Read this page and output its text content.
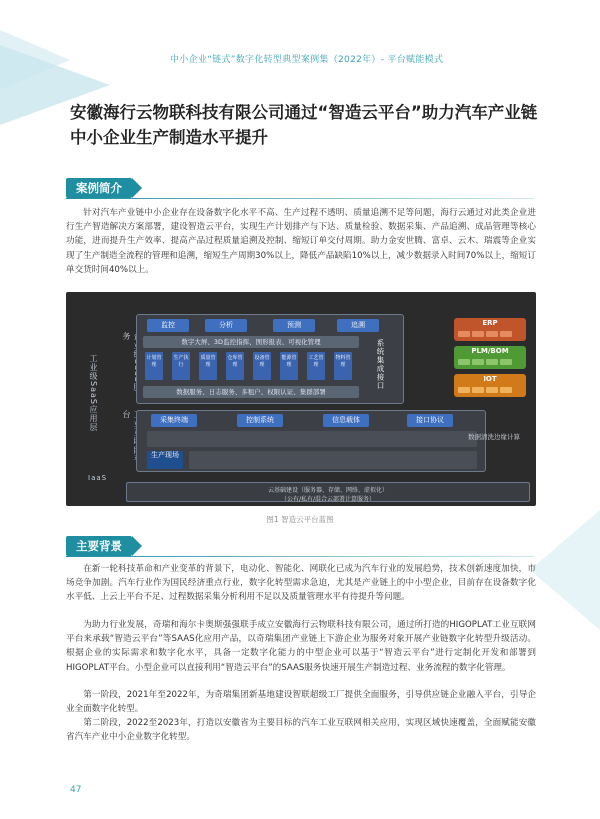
中小企业“链式”数字化转型典型案例集（2022年）- 平台赋能模式
安徽海行云物联科技有限公司通过“智造云平台”助力汽车产业链
中小企业生产制造水平提升
案例简介
针对汽车产业链中小企业存在设备数字化水平不高、生产过程不透明、质量追溯不足等问题，海行云通过对此类企业进行生产智造解决方案部署，建设智造云平台，实现生产计划排产与下达、质量检验、数据采集、产品追溯、成品管理等核心功能，进而提升生产效率、提高产品过程质量追溯及控制、缩短订单交付周期。助力金安世腾、富卓、云木、瑞震等企业实现了生产制造全流程的管理和追溯，缩短生产周期30%以上，降低产品缺陷10%以上，减少数据录入时间70%以上，缩短订单交货时间40%以上。
工业级SaaS应用层
务
台
监控	分析	预测	追溯
数字大屏、3D监控指挥、图形报表、可视化管理
计划管理
生产执行
质量管理
仓库管理
设备管理
能源管理
工艺管理
物料管理
数据服务、日志服务、多租户、权限认证、集群部署
系统集成接口
ERP
PLM/BOM
IOT
采集终端	控制系统	信息载体	接口协议
生产现场
数据清洗边缘计算
IaaS
云基础建设（服务器、存储、网络、虚拟化）
（公有/私有/混合云部署计算服务）
图1 智造云平台蓝图
主要背景
在新一轮科技革命和产业变革的背景下，电动化、智能化、网联化已成为汽车行业的发展趋势，技术创新速度加快，市场竞争加剧。汽车行业作为国民经济重点行业，数字化转型需求急迫，尤其是产业链上的中小型企业，目前存在设备数字化水平低、上云上平台不足、过程数据采集分析利用不足以及质量管理水平有待提升等问题。
为助力行业发展，奇瑞和海尔卡奥斯强强联手成立安徽海行云物联科技有限公司，通过所打造的HIGOPLAT工业互联网平台来承载“智造云平台”等SAAS化应用产品，以奇瑞集团产业链上下游企业为服务对象开展产业链数字化转型升级活动。根据企业的实际需求和数字化水平，具备一定数字化能力的中型企业可以基于“智造云平台”进行定制化开发和部署到HIGOPLAT平台。小型企业可以直接利用“智造云平台”的SAAS服务快速开展生产制造过程、业务流程的数字化管理。
第一阶段，2021年至2022年，为奇瑞集团新基地建设智联超级工厂提供全面服务，引导供应链企业融入平台，引导企业全面数字化转型。
第二阶段，2022至2023年，打造以安徽省为主要目标的汽车工业互联网相关应用，实现区域快速覆盖，全面赋能安徽省汽车产业中小企业数字化转型。
47
